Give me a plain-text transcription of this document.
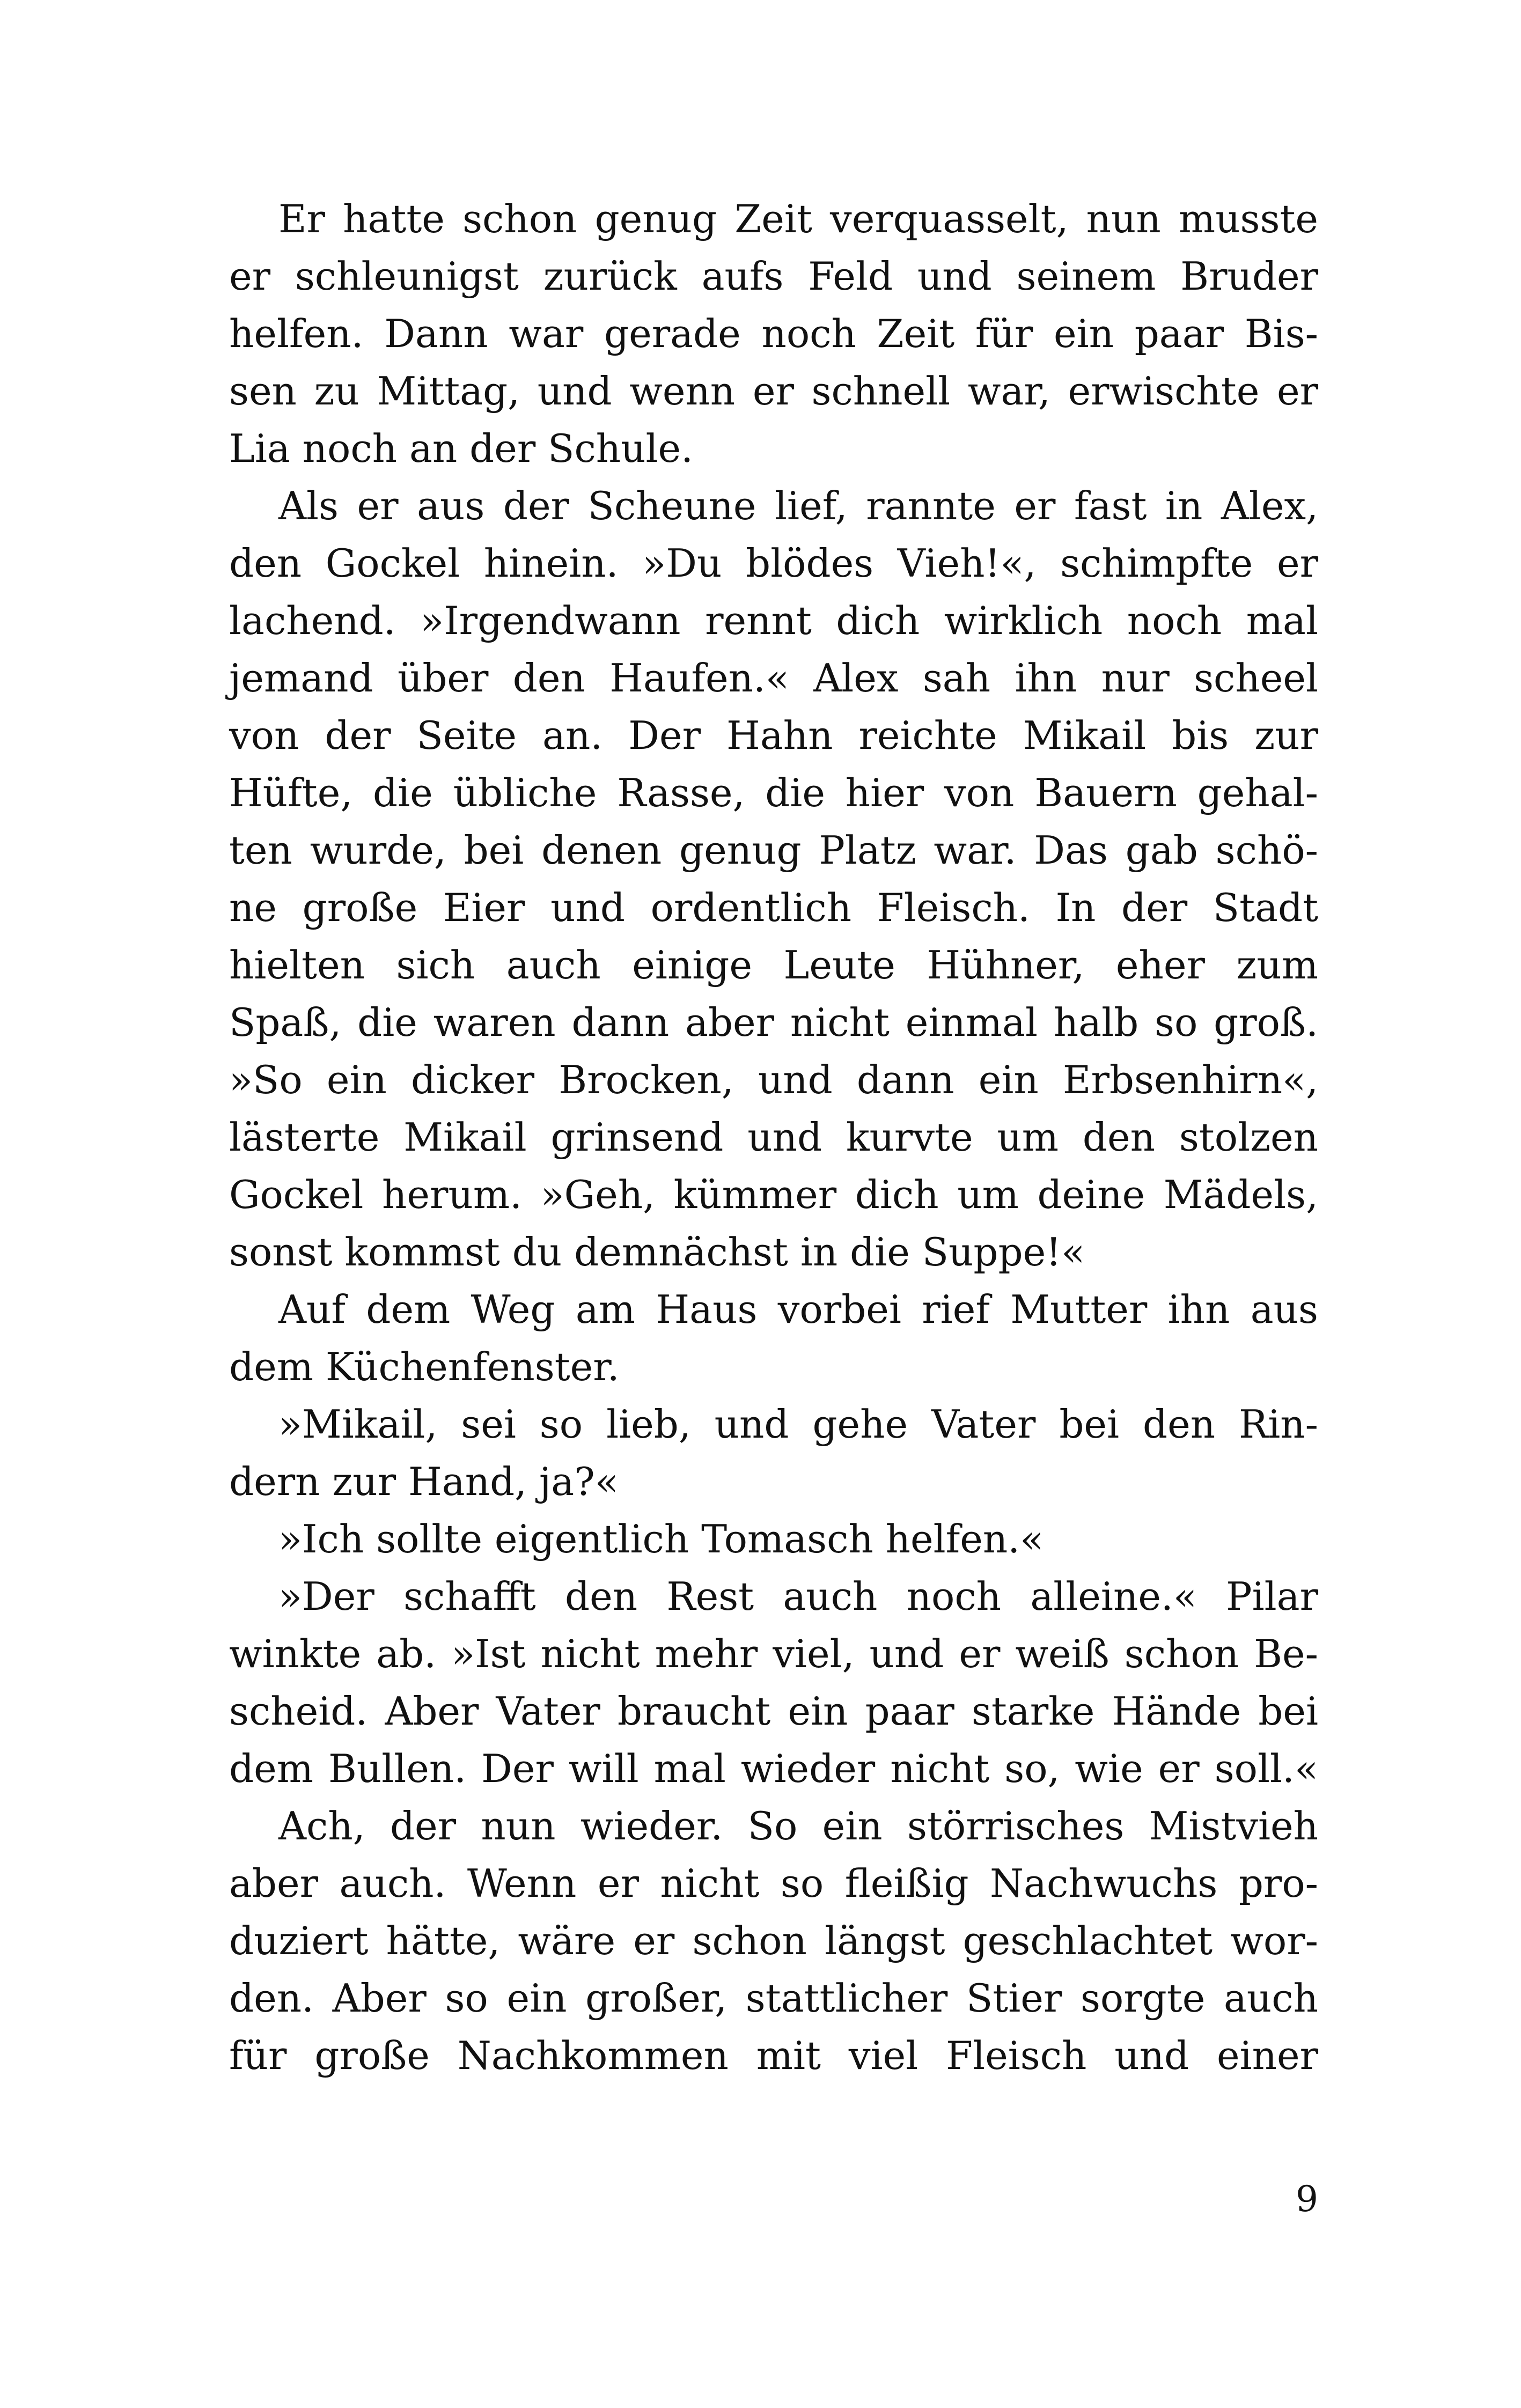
Er hatte schon genug Zeit verquasselt, nun musste
er schleunigst zurück aufs Feld und seinem Bruder
helfen. Dann war gerade noch Zeit für ein paar Bis-
sen zu Mittag, und wenn er schnell war, erwischte er
Lia noch an der Schule.
Als er aus der Scheune lief, rannte er fast in Alex,
den Gockel hinein. »Du blödes Vieh!«, schimpfte er
lachend. »Irgendwann rennt dich wirklich noch mal
jemand über den Haufen.« Alex sah ihn nur scheel
von der Seite an. Der Hahn reichte Mikail bis zur
Hüfte, die übliche Rasse, die hier von Bauern gehal-
ten wurde, bei denen genug Platz war. Das gab schö-
ne große Eier und ordentlich Fleisch. In der Stadt
hielten sich auch einige Leute Hühner, eher zum
Spaß, die waren dann aber nicht einmal halb so groß.
»So ein dicker Brocken, und dann ein Erbsenhirn«,
lästerte Mikail grinsend und kurvte um den stolzen
Gockel herum. »Geh, kümmer dich um deine Mädels,
sonst kommst du demnächst in die Suppe!«
Auf dem Weg am Haus vorbei rief Mutter ihn aus
dem Küchenfenster.
»Mikail, sei so lieb, und gehe Vater bei den Rin-
dern zur Hand, ja?«
»Ich sollte eigentlich Tomasch helfen.«
»Der schafft den Rest auch noch alleine.« Pilar
winkte ab. »Ist nicht mehr viel, und er weiß schon Be-
scheid. Aber Vater braucht ein paar starke Hände bei
dem Bullen. Der will mal wieder nicht so, wie er soll.«
Ach, der nun wieder. So ein störrisches Mistvieh
aber auch. Wenn er nicht so fleißig Nachwuchs pro-
duziert hätte, wäre er schon längst geschlachtet wor-
den. Aber so ein großer, stattlicher Stier sorgte auch
für große Nachkommen mit viel Fleisch und einer
9
